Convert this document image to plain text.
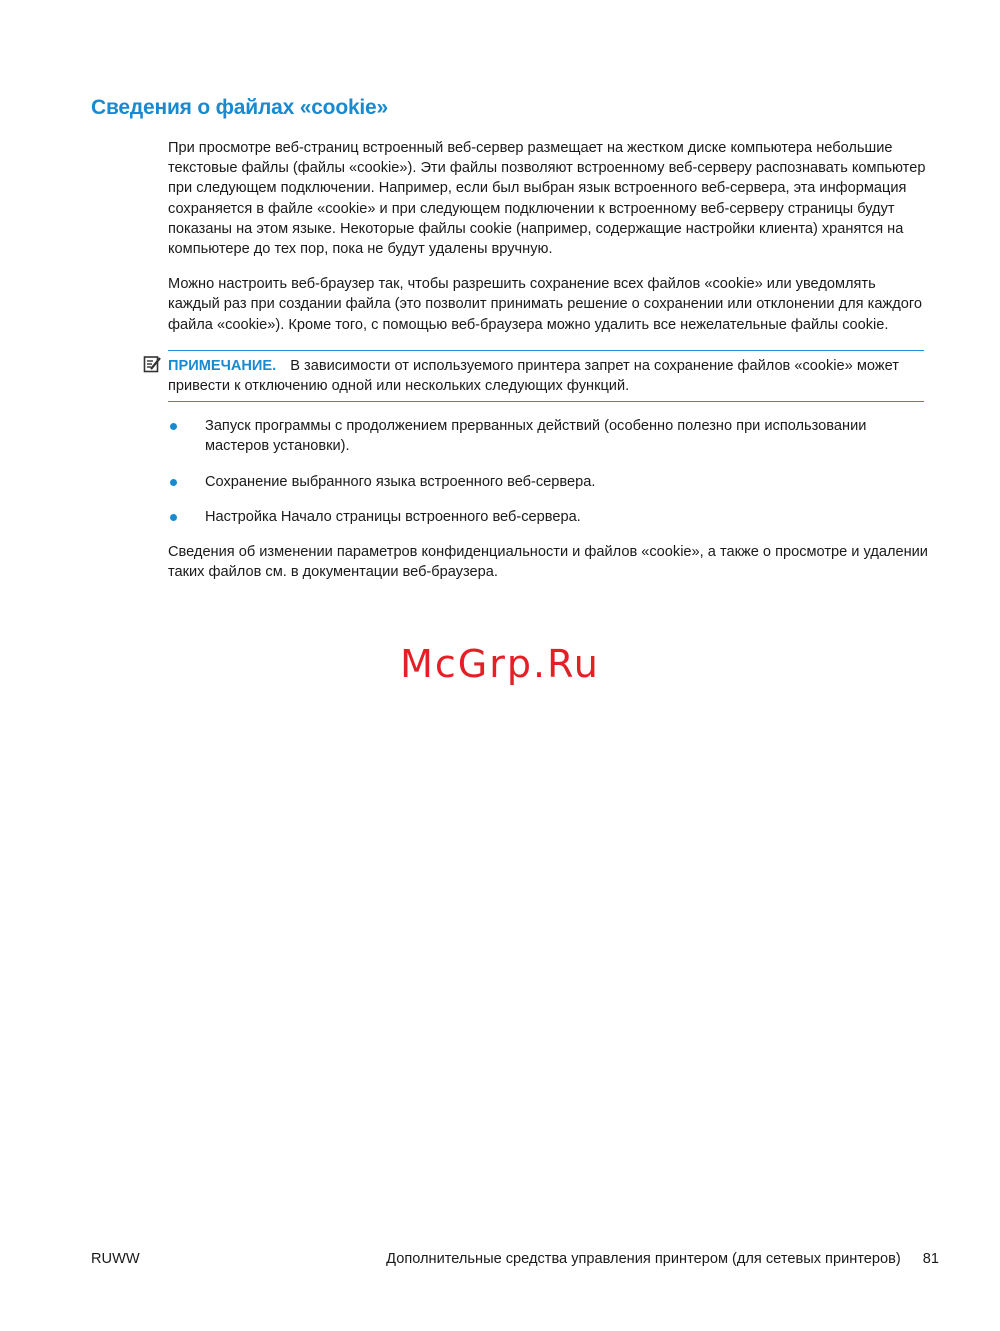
Сведения о файлах «cookie»

При просмотре веб-страниц встроенный веб-сервер размещает на жестком диске компьютера небольшие текстовые файлы (файлы «cookie»). Эти файлы позволяют встроенному веб-серверу распознавать компьютер при следующем подключении. Например, если был выбран язык встроенного веб-сервера, эта информация сохраняется в файле «cookie» и при следующем подключении к встроенному веб-серверу страницы будут показаны на этом языке. Некоторые файлы cookie (например, содержащие настройки клиента) хранятся на компьютере до тех пор, пока не будут удалены вручную.

Можно настроить веб-браузер так, чтобы разрешить сохранение всех файлов «cookie» или уведомлять каждый раз при создании файла (это позволит принимать решение о сохранении или отклонении для каждого файла «cookie»). Кроме того, с помощью веб-браузера можно удалить все нежелательные файлы cookie.

ПРИМЕЧАНИЕ. В зависимости от используемого принтера запрет на сохранение файлов «cookie» может привести к отключению одной или нескольких следующих функций.
Запуск программы с продолжением прерванных действий (особенно полезно при использовании мастеров установки).
Сохранение выбранного языка встроенного веб-сервера.
Настройка Начало страницы встроенного веб-сервера.

Сведения об изменении параметров конфиденциальности и файлов «cookie», а также о просмотре и удалении таких файлов см. в документации веб-браузера.

McGrp.Ru
RUWW	Дополнительные средства управления принтером (для сетевых принтеров) 81
